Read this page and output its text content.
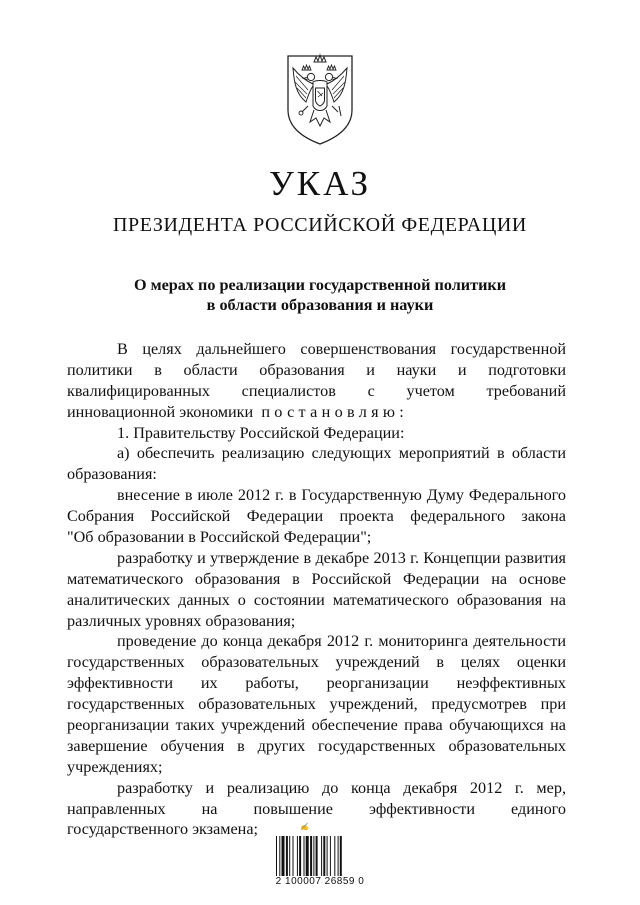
УКАЗ
ПРЕЗИДЕНТА РОССИЙСКОЙ ФЕДЕРАЦИИ
О мерах по реализации государственной политики
в области образования и науки
В целях дальнейшего совершенствования государственной
политики в области образования и науки и подготовки
квалифицированных специалистов с учетом требований
инновационной экономики постановляю:
1. Правительству Российской Федерации:
а) обеспечить реализацию следующих мероприятий в области
образования:
внесение в июле 2012 г. в Государственную Думу Федерального
Собрания Российской Федерации проекта федерального закона
"Об образовании в Российской Федерации";
разработку и утверждение в декабре 2013 г. Концепции развития
математического образования в Российской Федерации на основе
аналитических данных о состоянии математического образования на
различных уровнях образования;
проведение до конца декабря 2012 г. мониторинга деятельности
государственных образовательных учреждений в целях оценки
эффективности их работы, реорганизации неэффективных
государственных образовательных учреждений, предусмотрев при
реорганизации таких учреждений обеспечение права обучающихся на
завершение обучения в других государственных образовательных
учреждениях;
разработку и реализацию до конца декабря 2012 г. мер,
направленных на повышение эффективности единого
государственного экзамена;	✍
2 100007 26859 0
